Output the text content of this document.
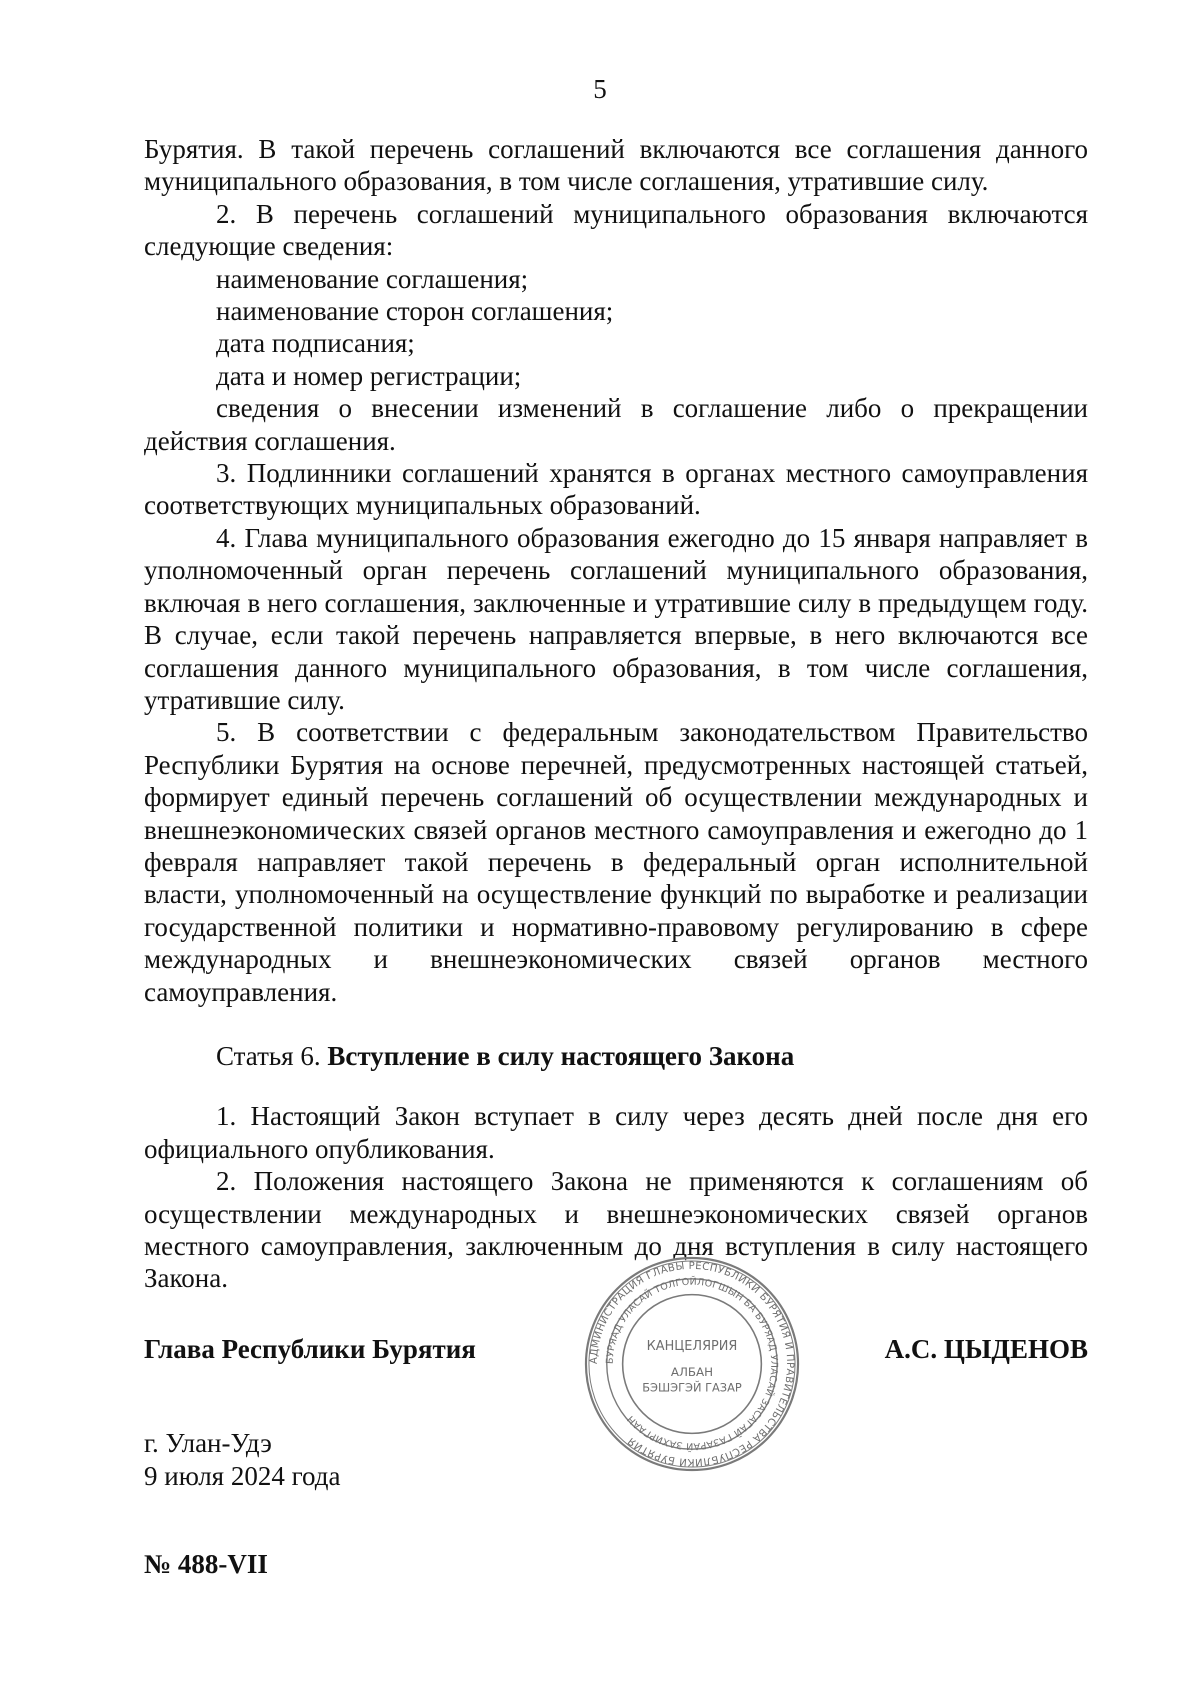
5

Бурятия. В такой перечень соглашений включаются все соглашения данного муниципального образования, в том числе соглашения, утратившие силу.

2. В перечень соглашений муниципального образования включаются следующие сведения:

наименование соглашения;

наименование сторон соглашения;

дата подписания;

дата и номер регистрации;

сведения о внесении изменений в соглашение либо о прекращении действия соглашения.

3. Подлинники соглашений хранятся в органах местного самоуправления соответствующих муниципальных образований.

4. Глава муниципального образования ежегодно до 15 января направляет в уполномоченный орган перечень соглашений муниципального образования, включая в него соглашения, заключенные и утратившие силу в предыдущем году. В случае, если такой перечень направляется впервые, в него включаются все соглашения данного муниципального образования, в том числе соглашения, утратившие силу.

5. В соответствии с федеральным законодательством Правительство Республики Бурятия на основе перечней, предусмотренных настоящей статьей, формирует единый перечень соглашений об осуществлении международных и внешнеэкономических связей органов местного самоуправления и ежегодно до 1 февраля направляет такой перечень в федеральный орган исполнительной власти, уполномоченный на осуществление функций по выработке и реализации государственной политики и нормативно-правовому регулированию в сфере международных и внешнеэкономических связей органов местного самоуправления.

Статья 6. Вступление в силу настоящего Закона

1. Настоящий Закон вступает в силу через десять дней после дня его официального опубликования.

2. Положения настоящего Закона не применяются к соглашениям об осуществлении международных и внешнеэкономических связей органов местного самоуправления, заключенным до дня вступления в силу настоящего Закона.

Глава Республики Бурятия	А.С. ЦЫДЕНОВ
АДМИНИСТРАЦИЯ ГЛАВЫ РЕСПУБЛИКИ БУРЯТИЯ И ПРАВИТЕЛЬСТВА РЕСПУБЛИКИ БУРЯТИЯ
БУРЯАД УЛАСАЙ ТОЛГОЙЛОГШЫН БА БУРЯАД УЛАСАЙ ЗАСАГАЙ ГАЗАРАЙ ЗАХИРГААН
КАНЦЕЛЯРИЯ
АЛБАН
БЭШЭГЭЙ ГАЗАР
г. Улан-Удэ
9 июля 2024 года
№ 488-VII
